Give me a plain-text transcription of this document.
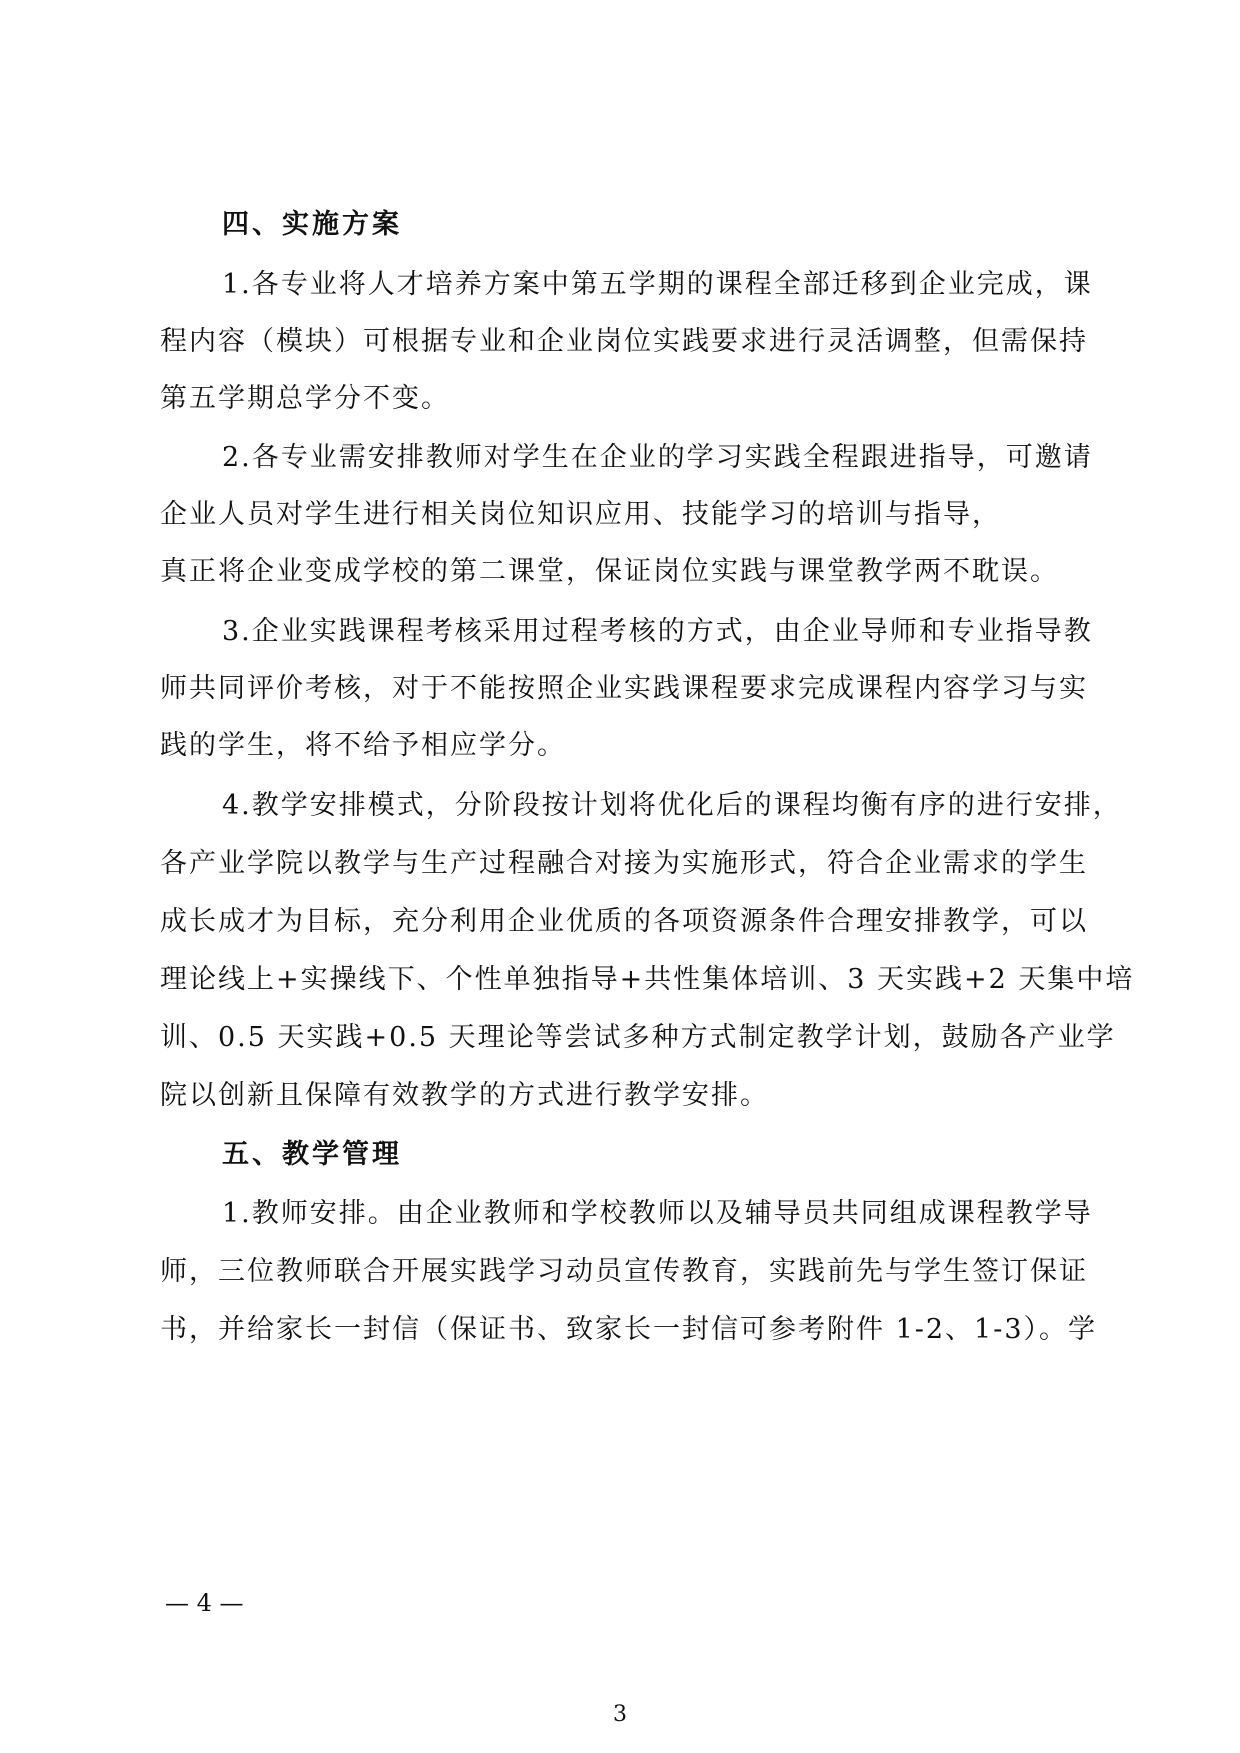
四、实施方案
1.各专业将人才培养方案中第五学期的课程全部迁移到企业完成，课
程内容（模块）可根据专业和企业岗位实践要求进行灵活调整，但需保持
第五学期总学分不变。
2.各专业需安排教师对学生在企业的学习实践全程跟进指导，可邀请
企业人员对学生进行相关岗位知识应用、技能学习的培训与指导，
真正将企业变成学校的第二课堂，保证岗位实践与课堂教学两不耽误。
3.企业实践课程考核采用过程考核的方式，由企业导师和专业指导教
师共同评价考核，对于不能按照企业实践课程要求完成课程内容学习与实
践的学生，将不给予相应学分。
4.教学安排模式，分阶段按计划将优化后的课程均衡有序的进行安排，
各产业学院以教学与生产过程融合对接为实施形式，符合企业需求的学生
成长成才为目标，充分利用企业优质的各项资源条件合理安排教学，可以
理论线上+实操线下、个性单独指导+共性集体培训、3 天实践+2 天集中培
训、0.5 天实践+0.5 天理论等尝试多种方式制定教学计划，鼓励各产业学
院以创新且保障有效教学的方式进行教学安排。
五、教学管理
1.教师安排。由企业教师和学校教师以及辅导员共同组成课程教学导
师，三位教师联合开展实践学习动员宣传教育，实践前先与学生签订保证
书，并给家长一封信（保证书、致家长一封信可参考附件 1-2、1-3）。学
— 4 —
3
